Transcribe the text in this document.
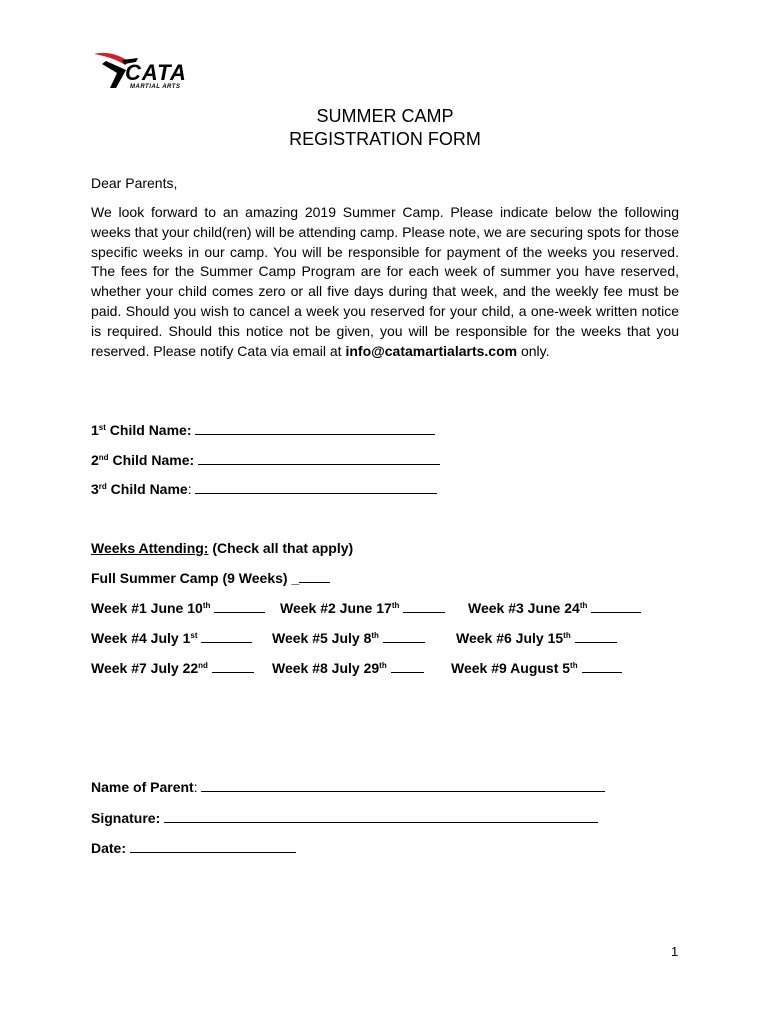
CATA
MARTIAL ARTS
SUMMER CAMP
REGISTRATION FORM
Dear Parents,
We look forward to an amazing 2019 Summer Camp. Please indicate below the following weeks that your child(ren) will be attending camp. Please note, we are securing spots for those specific weeks in our camp. You will be responsible for payment of the weeks you reserved. The fees for the Summer Camp Program are for each week of summer you have reserved, whether your child comes zero or all five days during that week, and the weekly fee must be paid. Should you wish to cancel a week you reserved for your child, a one-week written notice is required. Should this notice not be given, you will be responsible for the weeks that you reserved. Please notify Cata via email at info@catamartialarts.com only.
1st Child Name:
2nd Child Name:
3rd Child Name:
Weeks Attending: (Check all that apply)
Full Summer Camp (9 Weeks) _
Week #1 June 10th	Week #2 June 17th	Week #3 June 24th
Week #4 July 1st	Week #5 July 8th	Week #6 July 15th
Week #7 July 22nd	Week #8 July 29th	Week #9 August 5th
Name of Parent:
Signature:
Date:
1
